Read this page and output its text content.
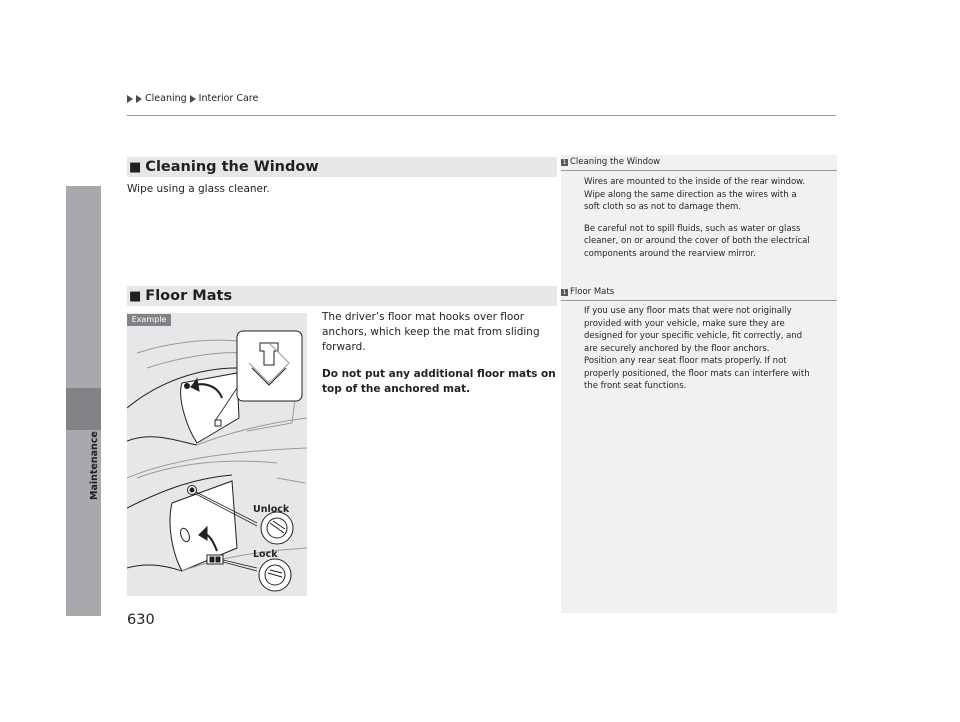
Cleaning Interior Care
Maintenance
■ Cleaning the Window
Wipe using a glass cleaner.
■ Floor Mats
The driver’s floor mat hooks over floor
anchors, which keep the mat from sliding
forward.
Do not put any additional floor mats on
top of the anchored mat.
1 Cleaning the Window
Wires are mounted to the inside of the rear window.
Wipe along the same direction as the wires with a
soft cloth so as not to damage them.
Be careful not to spill fluids, such as water or glass
cleaner, on or around the cover of both the electrical
components around the rearview mirror.
1 Floor Mats
If you use any floor mats that were not originally
provided with your vehicle, make sure they are
designed for your specific vehicle, fit correctly, and
are securely anchored by the floor anchors.
Position any rear seat floor mats properly. If not
properly positioned, the floor mats can interfere with
the front seat functions.
Example
Unlock
Lock
630
